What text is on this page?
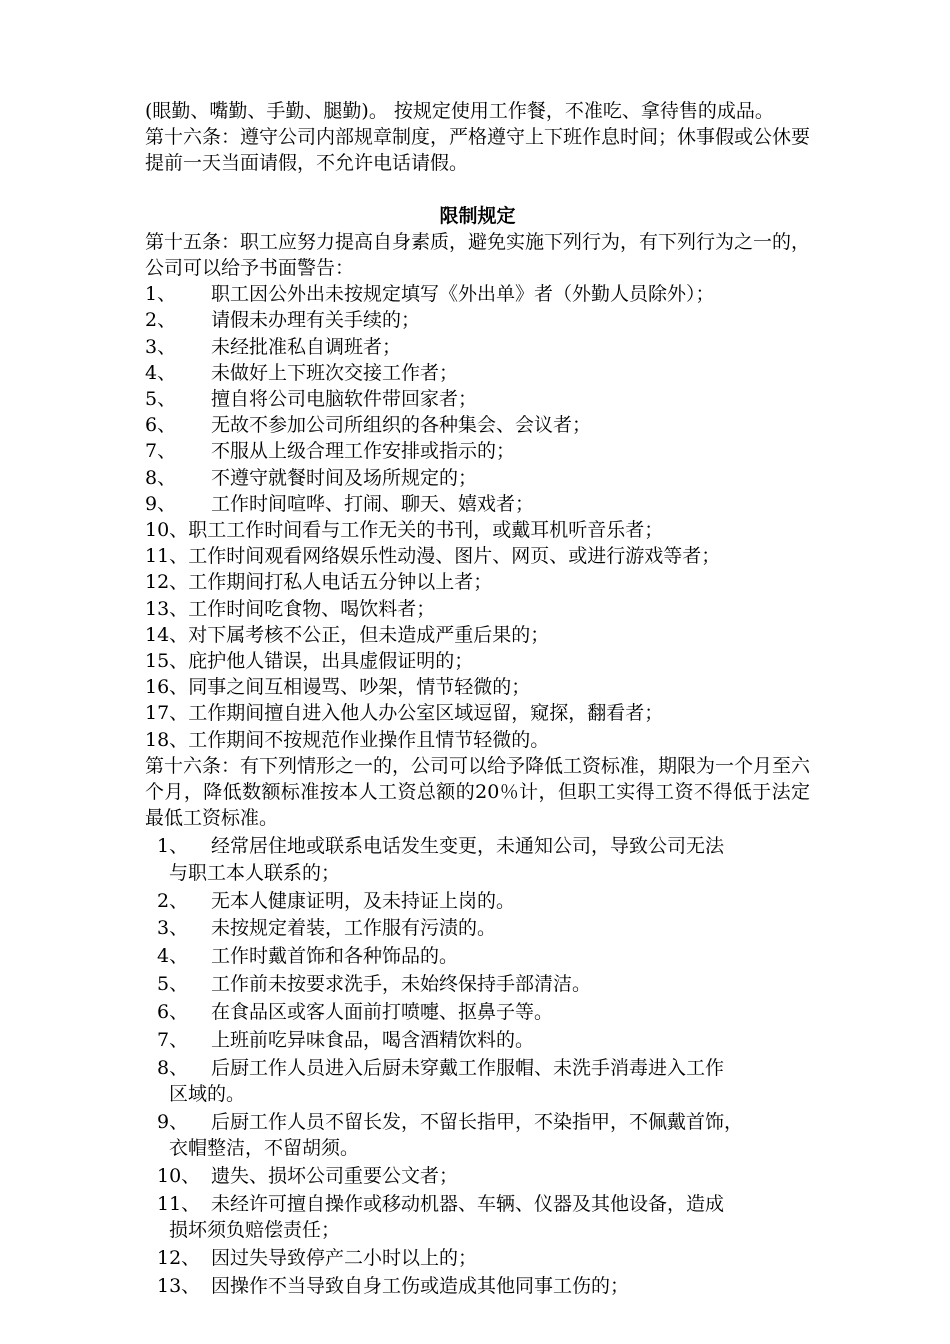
(眼勤、嘴勤、手勤、腿勤)。 按规定使用工作餐，不准吃、拿待售的成品。

第十六条：遵守公司内部规章制度，严格遵守上下班作息时间；休事假或公休要提前一天当面请假，不允许电话请假。

限制规定

第十五条：职工应努力提高自身素质，避免实施下列行为，有下列行为之一的，公司可以给予书面警告：

1、	职工因公外出未按规定填写《外出单》者（外勤人员除外）；
2、	请假未办理有关手续的；
3、	未经批准私自调班者；
4、	未做好上下班次交接工作者；
5、	擅自将公司电脑软件带回家者；
6、	无故不参加公司所组织的各种集会、会议者；
7、	不服从上级合理工作安排或指示的；
8、	不遵守就餐时间及场所规定的；
9、	工作时间喧哗、打闹、聊天、嬉戏者；
10、 职工工作时间看与工作无关的书刊，或戴耳机听音乐者；
11、 工作时间观看网络娱乐性动漫、图片、网页、或进行游戏等者；
12、 工作期间打私人电话五分钟以上者；
13、 工作时间吃食物、喝饮料者；
14、 对下属考核不公正，但未造成严重后果的；
15、 庇护他人错误，出具虚假证明的；
16、 同事之间互相谩骂、吵架，情节轻微的；
17、 工作期间擅自进入他人办公室区域逗留，窥探，翻看者；
18、 工作期间不按规范作业操作且情节轻微的。

第十六条：有下列情形之一的，公司可以给予降低工资标准，期限为一个月至六个月，降低数额标准按本人工资总额的20％计，但职工实得工资不得低于法定最低工资标准。

1、	经常居住地或联系电话发生变更，未通知公司，导致公司无法
与职工本人联系的；
2、	无本人健康证明，及未持证上岗的。
3、	未按规定着装，工作服有污渍的。
4、	工作时戴首饰和各种饰品的。
5、	工作前未按要求洗手，未始终保持手部清洁。
6、	在食品区或客人面前打喷嚏、抠鼻子等。
7、	上班前吃异味食品，喝含酒精饮料的。
8、	后厨工作人员进入后厨未穿戴工作服帽、未洗手消毒进入工作
区域的。
9、	后厨工作人员不留长发，不留长指甲，不染指甲，不佩戴首饰，
衣帽整洁，不留胡须。
10、 遗失、损坏公司重要公文者；
11、 未经许可擅自操作或移动机器、车辆、仪器及其他设备，造成
损坏须负赔偿责任；
12、 因过失导致停产二小时以上的；
13、 因操作不当导致自身工伤或造成其他同事工伤的；
